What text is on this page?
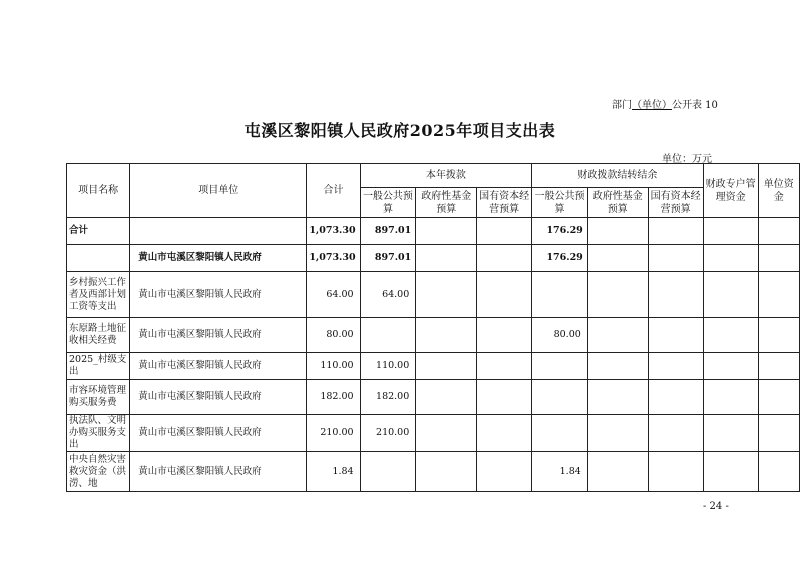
部门（单位）公开表 10
屯溪区黎阳镇人民政府2025年项目支出表
单位：万元
项目名称	项目单位	合计	本年拨款			财政拨款结转结余			财政专户管理资金	单位资金
			一般公共预算	政府性基金预算	国有资本经营预算	一般公共预算	政府性基金预算	国有资本经营预算		
合计		1,073.30	897.01			176.29				
	黄山市屯溪区黎阳镇人民政府	1,073.30	897.01			176.29				
乡村振兴工作者及西部计划工资等支出	黄山市屯溪区黎阳镇人民政府	64.00	64.00							
东原路土地征收相关经费	黄山市屯溪区黎阳镇人民政府	80.00				80.00				
2025_村级支出	黄山市屯溪区黎阳镇人民政府	110.00	110.00							
市容环境管理购买服务费	黄山市屯溪区黎阳镇人民政府	182.00	182.00							
执法队、文明办购买服务支出	黄山市屯溪区黎阳镇人民政府	210.00	210.00							
中央自然灾害救灾资金（洪涝、地	黄山市屯溪区黎阳镇人民政府	1.84				1.84				
- 24 -
